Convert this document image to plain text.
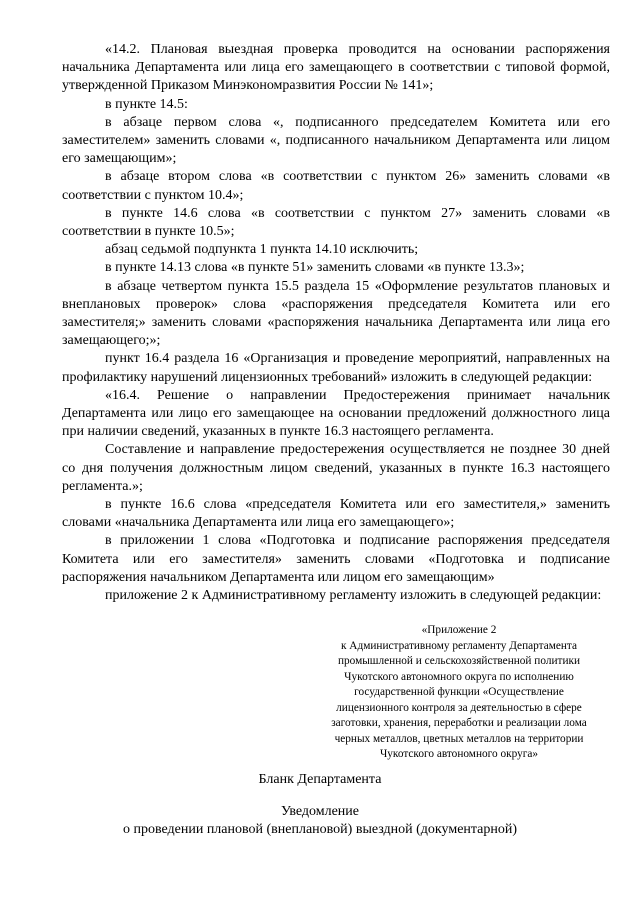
«14.2. Плановая выездная проверка проводится на основании распоряжения начальника Департамента или лица его замещающего в соответствии с типовой формой, утвержденной Приказом Минэкономразвития России № 141»;

в пункте 14.5:

в абзаце первом слова «, подписанного председателем Комитета или его заместителем» заменить словами «, подписанного начальником Департамента или лицом его замещающим»;

в абзаце втором слова «в соответствии с пунктом 26» заменить словами «в соответствии с пунктом 10.4»;

в пункте 14.6 слова «в соответствии с пунктом 27» заменить словами «в соответствии в пункте 10.5»;

абзац седьмой подпункта 1 пункта 14.10 исключить;

в пункте 14.13 слова «в пункте 51» заменить словами «в пункте 13.3»;

в абзаце четвертом пункта 15.5 раздела 15 «Оформление результатов плановых и внеплановых проверок» слова «распоряжения председателя Комитета или его заместителя;» заменить словами «распоряжения начальника Департамента или лица его замещающего;»;

пункт 16.4 раздела 16 «Организация и проведение мероприятий, направленных на профилактику нарушений лицензионных требований» изложить в следующей редакции:

«16.4. Решение о направлении Предостережения принимает начальник Департамента или лицо его замещающее на основании предложений должностного лица при наличии сведений, указанных в пункте 16.3 настоящего регламента.

Составление и направление предостережения осуществляется не позднее 30 дней со дня получения должностным лицом сведений, указанных в пункте 16.3 настоящего регламента.»;

в пункте 16.6 слова «председателя Комитета или его заместителя,» заменить словами «начальника Департамента или лица его замещающего»;

в приложении 1 слова «Подготовка и подписание распоряжения председателя Комитета или его заместителя» заменить словами «Подготовка и подписание распоряжения начальником Департамента или лицом его замещающим»

приложение 2 к Административному регламенту изложить в следующей редакции:

«Приложение 2
к Административному регламенту Департамента
промышленной и сельскохозяйственной политики
Чукотского автономного округа по исполнению
государственной функции «Осуществление
лицензионного контроля за деятельностью в сфере
заготовки, хранения, переработки и реализации лома
черных металлов, цветных металлов на территории
Чукотского автономного округа»
Бланк Департамента
Уведомление
о проведении плановой (внеплановой) выездной (документарной)
